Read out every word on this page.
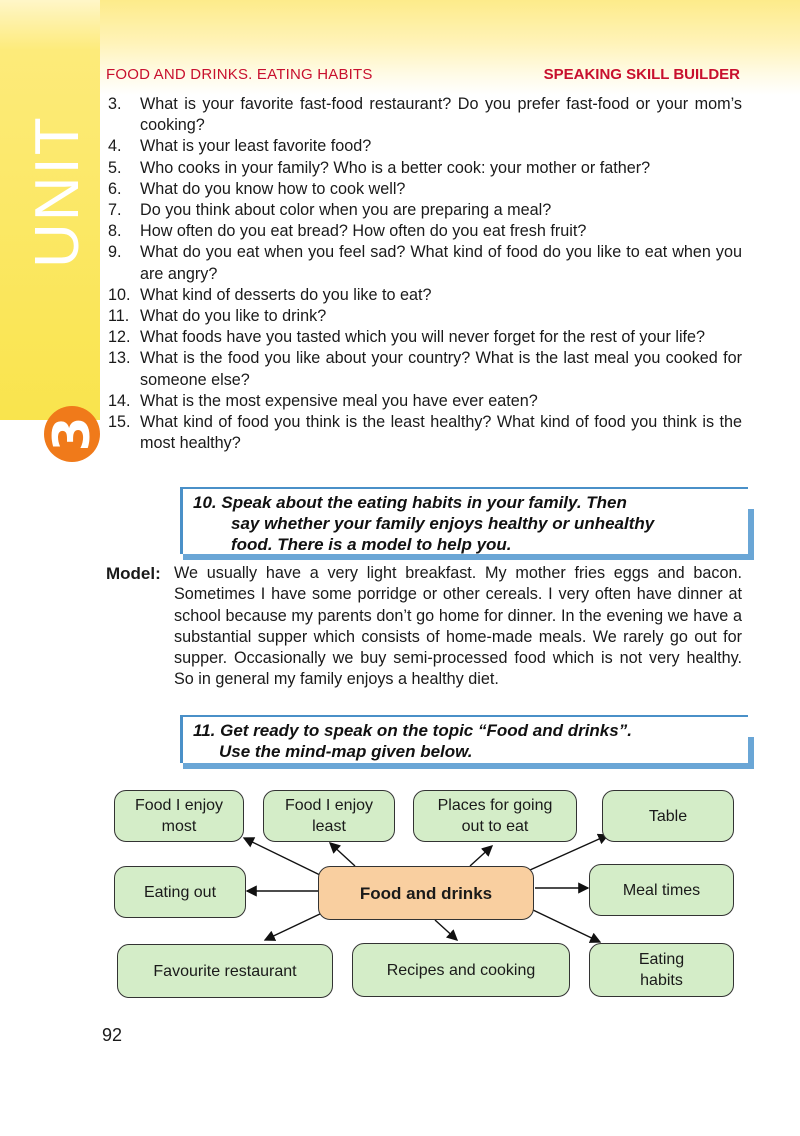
UNIT
3
FOOD AND DRINKS. EATING HABITS	SPEAKING SKILL BUILDER
3.	What is your favorite fast-food restaurant? Do you prefer fast-food or your mom’s cooking?
4.	What is your least favorite food?
5.	Who cooks in your family? Who is a better cook: your mother or father?
6.	What do you know how to cook well?
7.	Do you think about color when you are preparing a meal?
8.	How often do you eat bread? How often do you eat fresh fruit?
9.	What do you eat when you feel sad? What kind of food do you like to eat when you are angry?
10. What kind of desserts do you like to eat?
11. What do you like to drink?
12. What foods have you tasted which you will never forget for the rest of your life?
13. What is the food you like about your country? What is the last meal you cooked for someone else?
14. What is the most expensive meal you have ever eaten?
15. What kind of food you think is the least healthy? What kind of food you think is the most healthy?
10. Speak about the eating habits in your family. Then
say whether your family enjoys healthy or unhealthy
food. There is a model to help you.
Model: We usually have a very light breakfast. My mother fries eggs and bacon. Sometimes I have some porridge or other cereals. I very often have dinner at school because my parents don’t go home for dinner. In the evening we have a substantial supper which consists of home-made meals. We rarely go out for supper. Occasionally we buy semi-processed food which is not very healthy. So in general my family enjoys a healthy diet.
11. Get ready to speak on the topic “Food and drinks”.
Use the mind-map given below.
Food I enjoy most
Food I enjoy least
Places for going out to eat
Table
Eating out	Food and drinks	Meal times
Favourite restaurant	Recipes and cooking
Eating habits
92
